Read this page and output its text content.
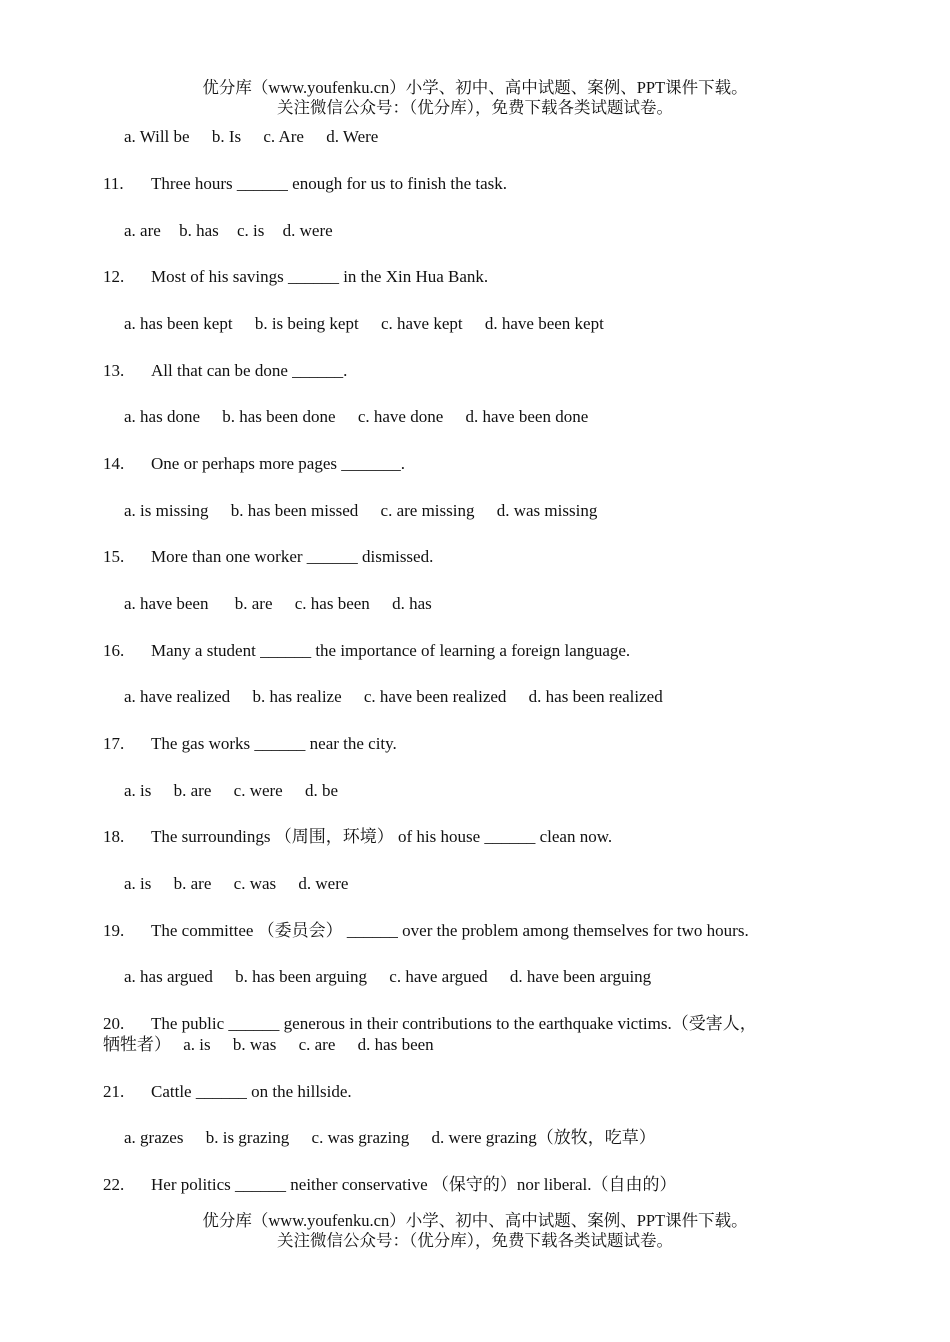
优分库（www.youfenku.cn）小学、初中、高中试题、案例、PPT课件下载。
关注微信公众号：（优分库），免费下载各类试题试卷。
a. Will be b. Is c. Are d. Were
11. Three hours ______ enough for us to finish the task.
a. are b. has c. is d. were
12. Most of his savings ______ in the Xin Hua Bank.
a. has been kept b. is being kept c. have kept d. have been kept
13. All that can be done ______.
a. has done b. has been done c. have done d. have been done
14. One or perhaps more pages _______.
a. is missing b. has been missed c. are missing d. was missing
15. More than one worker ______ dismissed.
a. have been b. are c. has been d. has
16. Many a student ______ the importance of learning a foreign language.
a. have realized b. has realize c. have been realized d. has been realized
17. The gas works ______ near the city.
a. is b. are c. were d. be
18. The surroundings （周围，环境） of his house ______ clean now.
a. is b. are c. was d. were
19. The committee （委员会） ______ over the problem among themselves for two hours.
a. has argued b. has been arguing c. have argued d. have been arguing
20. The public ______ generous in their contributions to the earthquake victims.（受害人，
牺牲者） a. is b. was c. are d. has been
21. Cattle ______ on the hillside.
a. grazes b. is grazing c. was grazing d. were grazing（放牧，吃草）
22. Her politics ______ neither conservative （保守的）nor liberal.（自由的）
优分库（www.youfenku.cn）小学、初中、高中试题、案例、PPT课件下载。
关注微信公众号：（优分库），免费下载各类试题试卷。
